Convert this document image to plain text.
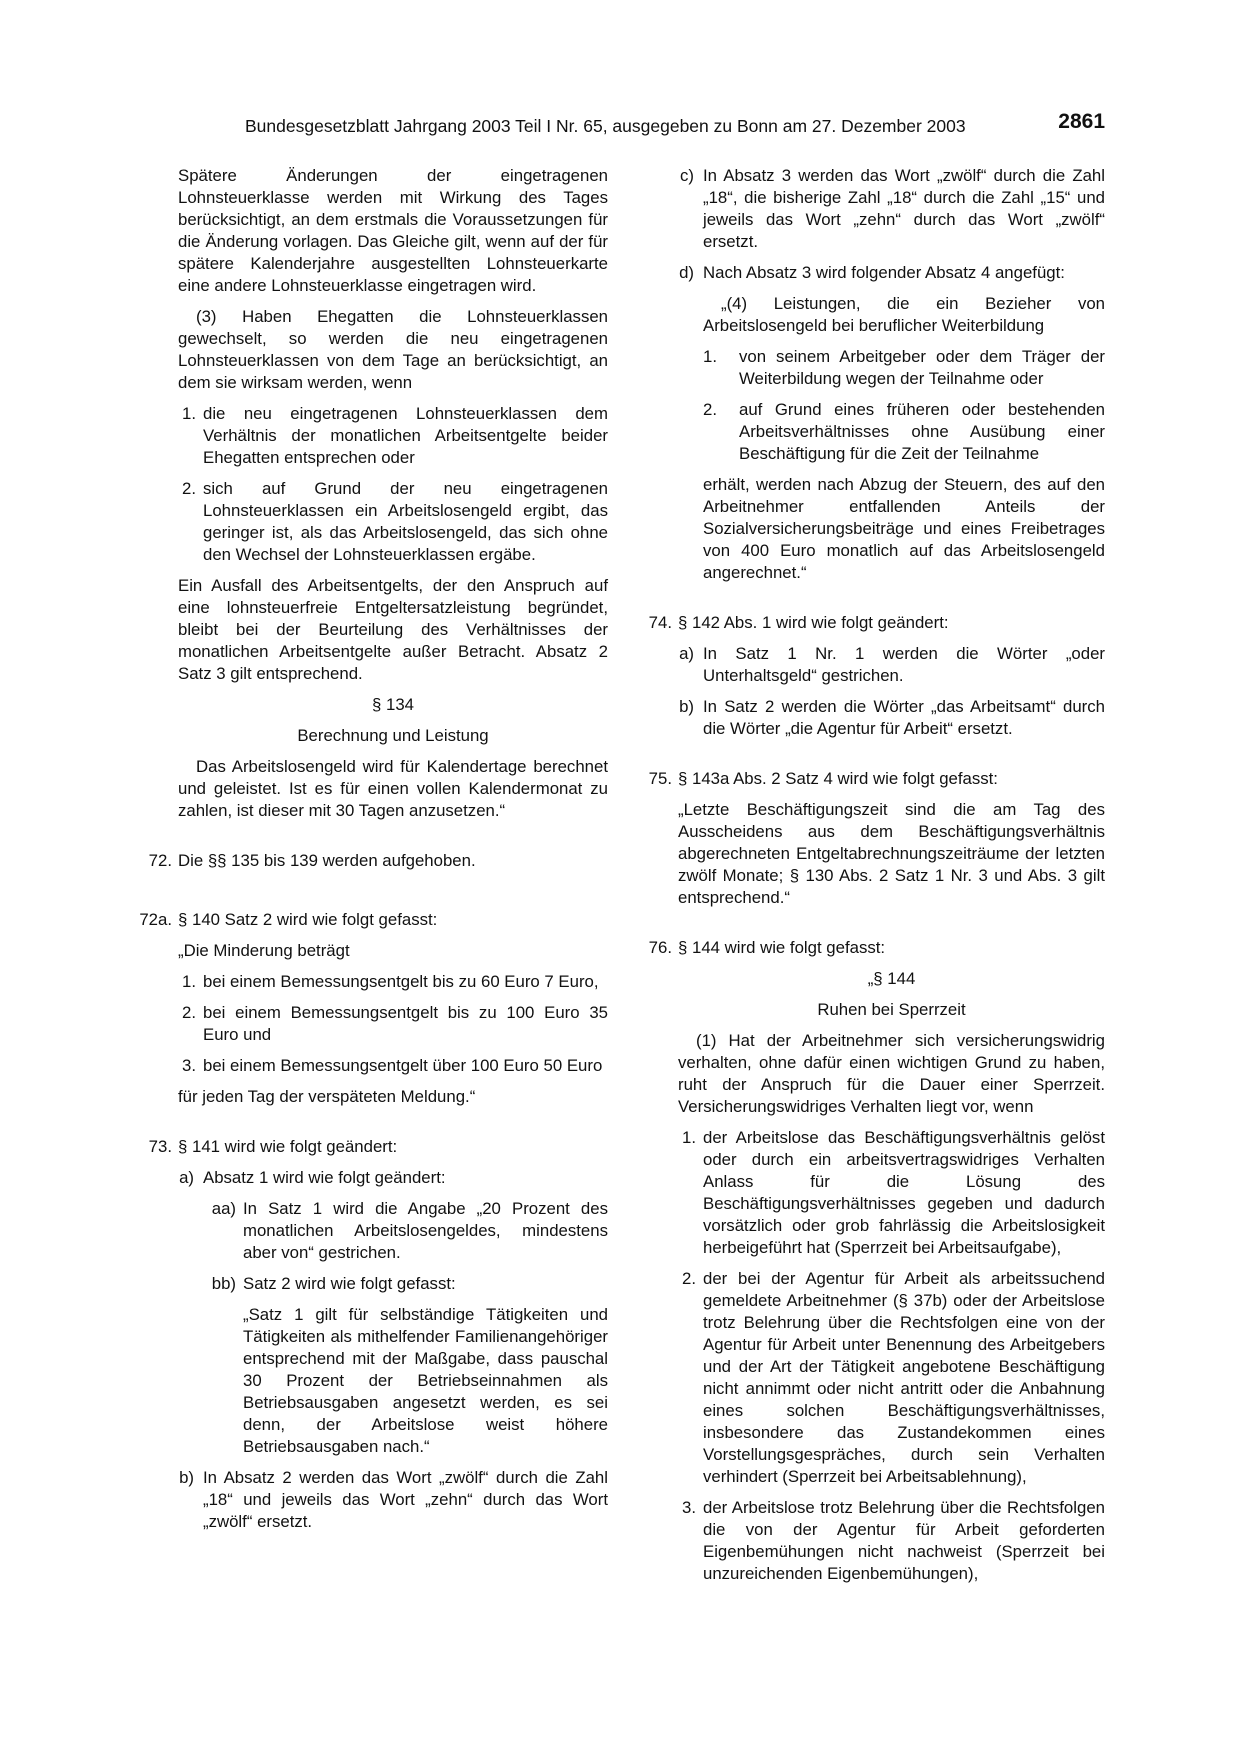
Bundesgesetzblatt Jahrgang 2003 Teil I Nr. 65, ausgegeben zu Bonn am 27. Dezember 2003	2861

Spätere Änderungen der eingetragenen Lohnsteuerklasse werden mit Wirkung des Tages berücksichtigt, an dem erstmals die Voraussetzungen für die Änderung vorlagen. Das Gleiche gilt, wenn auf der für spätere Kalenderjahre ausgestellten Lohnsteuerkarte eine andere Lohnsteuerklasse eingetragen wird.

(3) Haben Ehegatten die Lohnsteuerklassen gewechselt, so werden die neu eingetragenen Lohnsteuerklassen von dem Tage an berücksichtigt, an dem sie wirksam werden, wenn

1. die neu eingetragenen Lohnsteuerklassen dem Verhältnis der monatlichen Arbeitsentgelte beider Ehegatten entsprechen oder

2. sich auf Grund der neu eingetragenen Lohnsteuerklassen ein Arbeitslosengeld ergibt, das geringer ist, als das Arbeitslosengeld, das sich ohne den Wechsel der Lohnsteuerklassen ergäbe.

Ein Ausfall des Arbeitsentgelts, der den Anspruch auf eine lohnsteuerfreie Entgeltersatzleistung begründet, bleibt bei der Beurteilung des Verhältnisses der monatlichen Arbeitsentgelte außer Betracht. Absatz 2 Satz 3 gilt entsprechend.

§ 134

Berechnung und Leistung

Das Arbeitslosengeld wird für Kalendertage berechnet und geleistet. Ist es für einen vollen Kalendermonat zu zahlen, ist dieser mit 30 Tagen anzusetzen.“

72. Die §§ 135 bis 139 werden aufgehoben.

72a. § 140 Satz 2 wird wie folgt gefasst:

„Die Minderung beträgt

1. bei einem Bemessungsentgelt bis zu 60 Euro 7 Euro,

2. bei einem Bemessungsentgelt bis zu 100 Euro 35 Euro und

3. bei einem Bemessungsentgelt über 100 Euro 50 Euro

für jeden Tag der verspäteten Meldung.“

73. § 141 wird wie folgt geändert:

a) Absatz 1 wird wie folgt geändert:

aa) In Satz 1 wird die Angabe „20 Prozent des monatlichen Arbeitslosengeldes, mindestens aber von“ gestrichen.

bb) Satz 2 wird wie folgt gefasst:

„Satz 1 gilt für selbständige Tätigkeiten und Tätigkeiten als mithelfender Familienangehöriger entsprechend mit der Maßgabe, dass pauschal 30 Prozent der Betriebseinnahmen als Betriebsausgaben angesetzt werden, es sei denn, der Arbeitslose weist höhere Betriebsausgaben nach.“

b) In Absatz 2 werden das Wort „zwölf“ durch die Zahl „18“ und jeweils das Wort „zehn“ durch das Wort „zwölf“ ersetzt.

c) In Absatz 3 werden das Wort „zwölf“ durch die Zahl „18“, die bisherige Zahl „18“ durch die Zahl „15“ und jeweils das Wort „zehn“ durch das Wort „zwölf“ ersetzt.

d) Nach Absatz 3 wird folgender Absatz 4 angefügt:

„(4) Leistungen, die ein Bezieher von Arbeitslosengeld bei beruflicher Weiterbildung

1. von seinem Arbeitgeber oder dem Träger der Weiterbildung wegen der Teilnahme oder

2. auf Grund eines früheren oder bestehenden Arbeitsverhältnisses ohne Ausübung einer Beschäftigung für die Zeit der Teilnahme

erhält, werden nach Abzug der Steuern, des auf den Arbeitnehmer entfallenden Anteils der Sozialversicherungsbeiträge und eines Freibetrages von 400 Euro monatlich auf das Arbeitslosengeld angerechnet.“

74. § 142 Abs. 1 wird wie folgt geändert:

a) In Satz 1 Nr. 1 werden die Wörter „oder Unterhaltsgeld“ gestrichen.

b) In Satz 2 werden die Wörter „das Arbeitsamt“ durch die Wörter „die Agentur für Arbeit“ ersetzt.

75. § 143a Abs. 2 Satz 4 wird wie folgt gefasst:

„Letzte Beschäftigungszeit sind die am Tag des Ausscheidens aus dem Beschäftigungsverhältnis abgerechneten Entgeltabrechnungszeiträume der letzten zwölf Monate; § 130 Abs. 2 Satz 1 Nr. 3 und Abs. 3 gilt entsprechend.“

76. § 144 wird wie folgt gefasst:

„§ 144

Ruhen bei Sperrzeit

(1) Hat der Arbeitnehmer sich versicherungswidrig verhalten, ohne dafür einen wichtigen Grund zu haben, ruht der Anspruch für die Dauer einer Sperrzeit. Versicherungswidriges Verhalten liegt vor, wenn

1. der Arbeitslose das Beschäftigungsverhältnis gelöst oder durch ein arbeitsvertragswidriges Verhalten Anlass für die Lösung des Beschäftigungsverhältnisses gegeben und dadurch vorsätzlich oder grob fahrlässig die Arbeitslosigkeit herbeigeführt hat (Sperrzeit bei Arbeitsaufgabe),

2. der bei der Agentur für Arbeit als arbeitssuchend gemeldete Arbeitnehmer (§ 37b) oder der Arbeitslose trotz Belehrung über die Rechtsfolgen eine von der Agentur für Arbeit unter Benennung des Arbeitgebers und der Art der Tätigkeit angebotene Beschäftigung nicht annimmt oder nicht antritt oder die Anbahnung eines solchen Beschäftigungsverhältnisses, insbesondere das Zustandekommen eines Vorstellungsgespräches, durch sein Verhalten verhindert (Sperrzeit bei Arbeitsablehnung),

3. der Arbeitslose trotz Belehrung über die Rechtsfolgen die von der Agentur für Arbeit geforderten Eigenbemühungen nicht nachweist (Sperrzeit bei unzureichenden Eigenbemühungen),
